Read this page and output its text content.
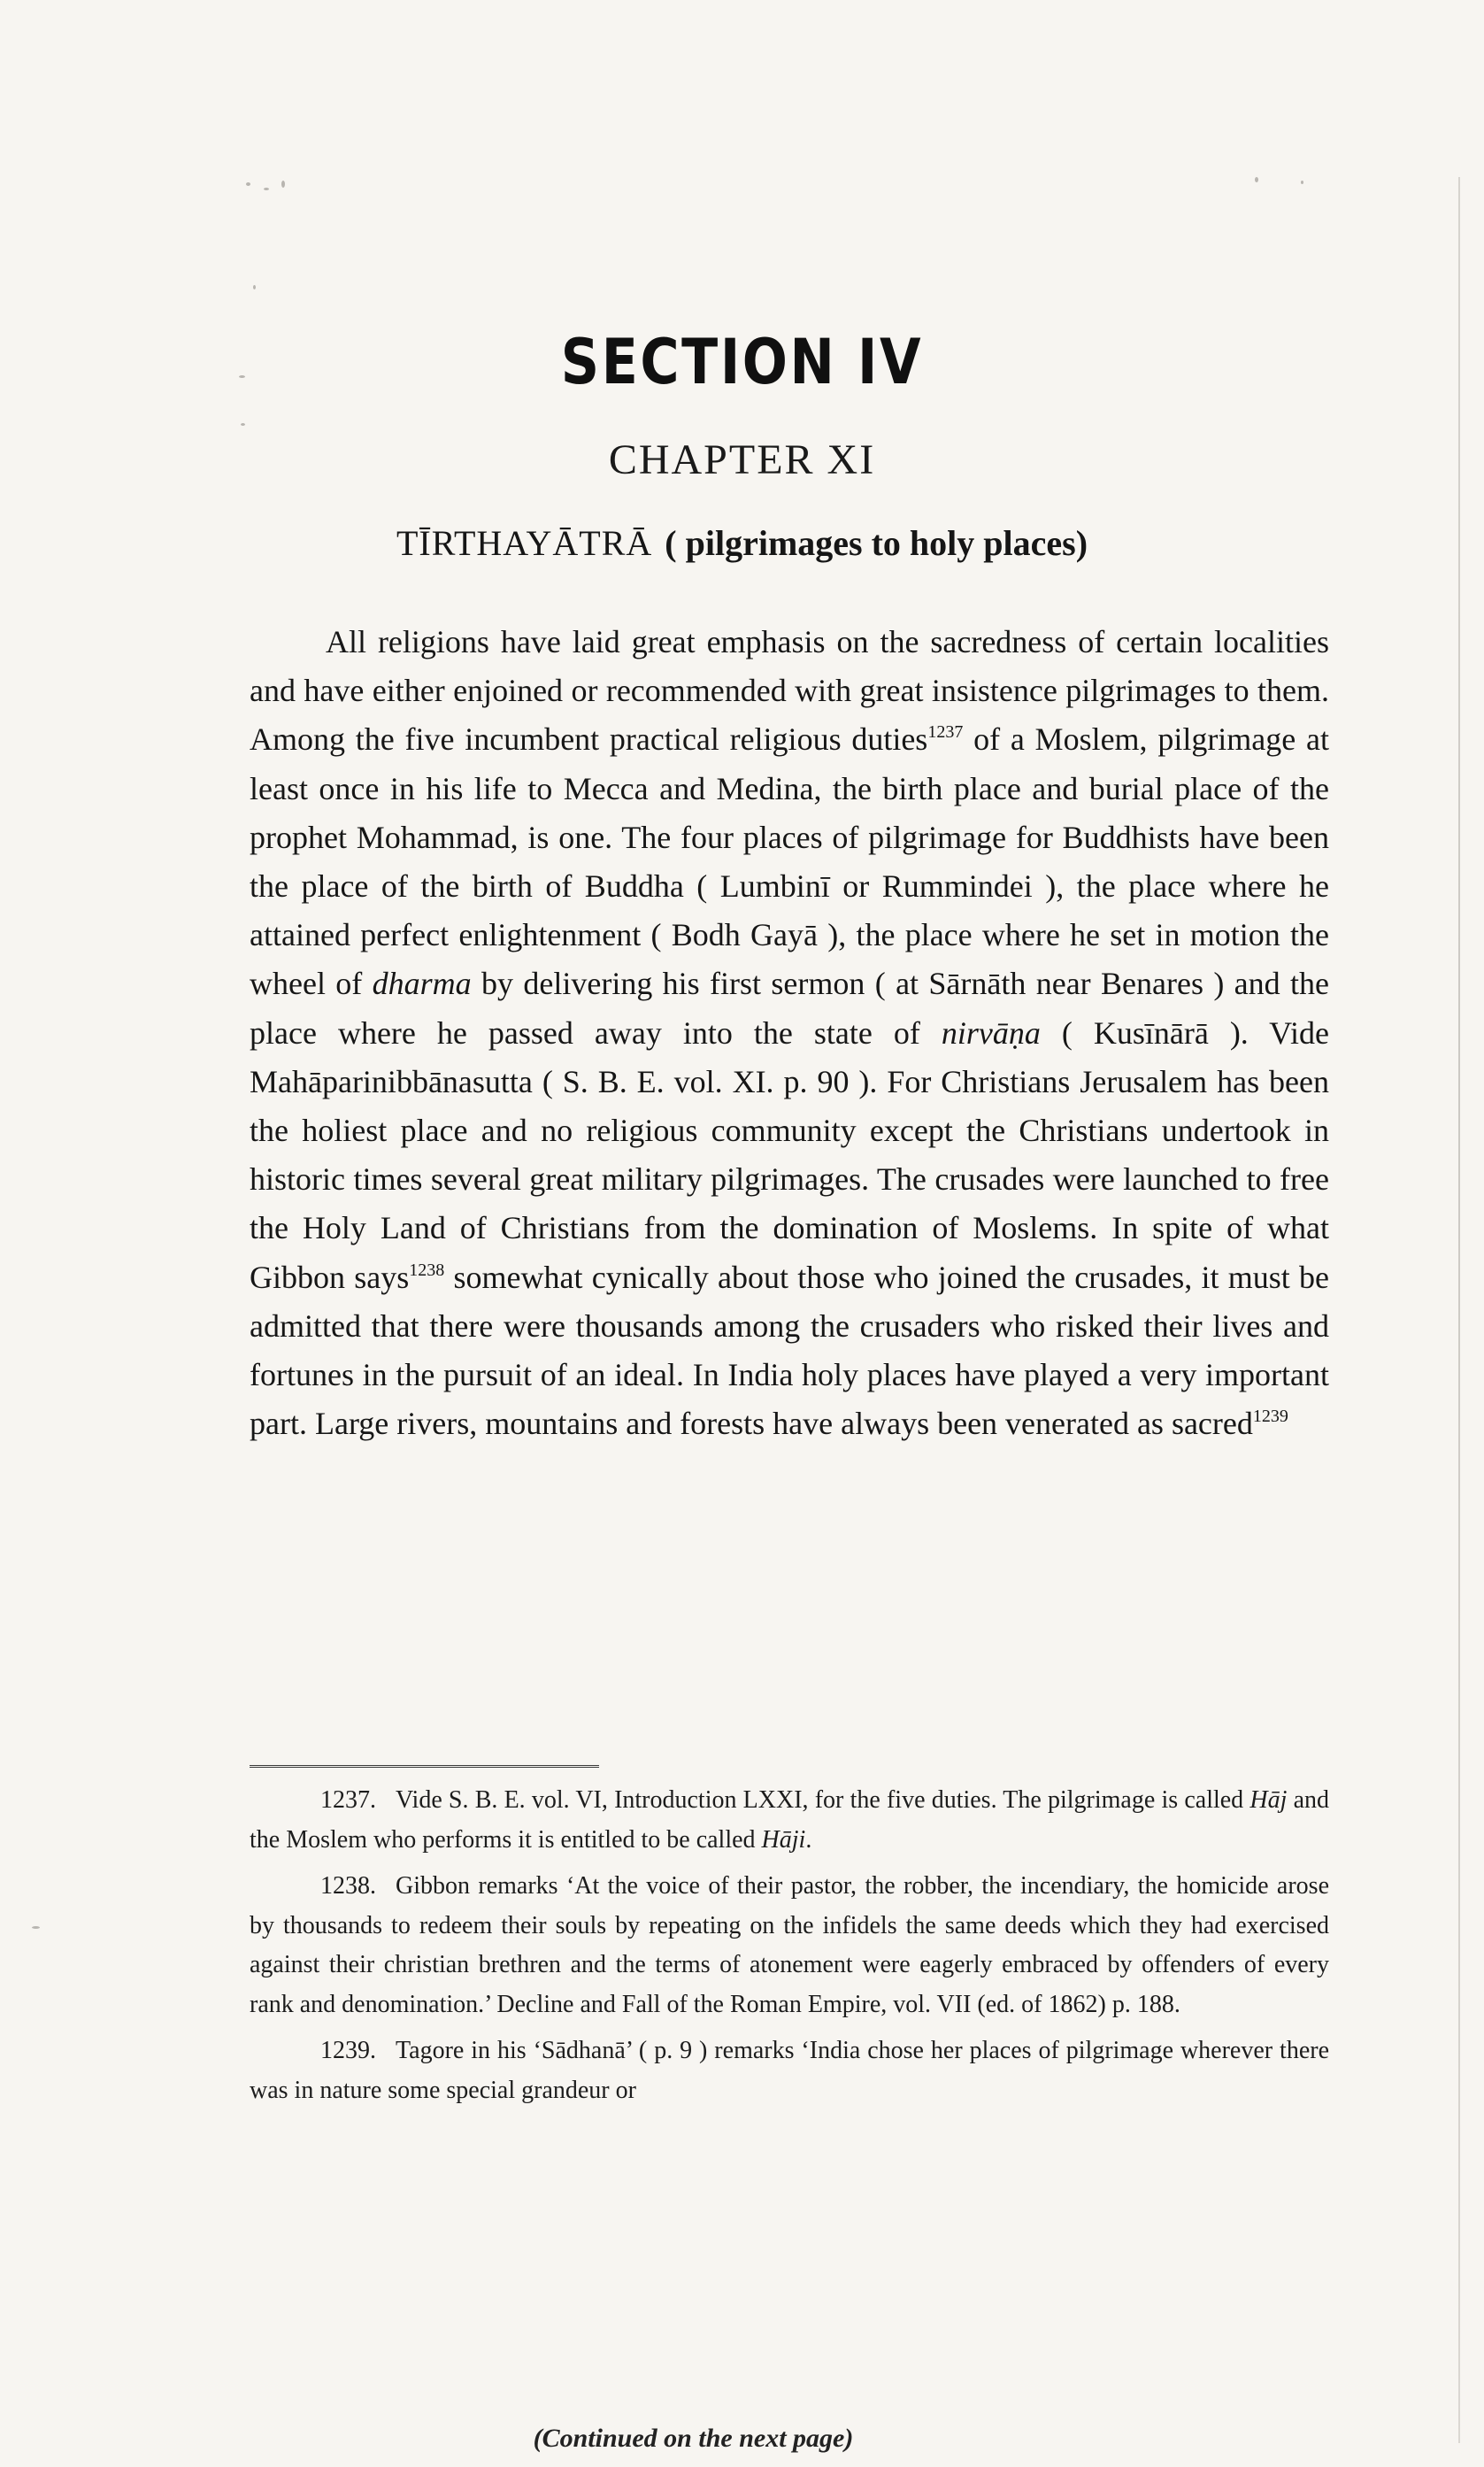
SECTION IV
CHAPTER XI
TĪRTHAYĀTRĀ ( pilgrimages to holy places)

All religions have laid great emphasis on the sacredness of certain localities and have either enjoined or recommended with great insistence pilgrimages to them. Among the five incumbent practical religious duties$^{1237}$ of a Moslem, pilgrimage at least once in his life to Mecca and Medina, the birth place and burial place of the prophet Mohammad, is one. The four places of pilgrimage for Buddhists have been the place of the birth of Buddha ( Lumbinī or Rummindei ), the place where he attained perfect enlightenment ( Bodh Gayā ), the place where he set in motion the wheel of dharma by delivering his first sermon ( at Sārnāth near Benares ) and the place where he passed away into the state of nirvāṇa ( Kusīnārā ). Vide Mahāparinibbānasutta ( S. B. E. vol. XI. p. 90 ). For Christians Jerusalem has been the holiest place and no religious community except the Christians undertook in historic times several great military pilgrimages. The crusades were launched to free the Holy Land of Christians from the domination of Moslems. In spite of what Gibbon says$^{1238}$ somewhat cynically about those who joined the crusades, it must be admitted that there were thousands among the crusaders who risked their lives and fortunes in the pursuit of an ideal. In India holy places have played a very important part. Large rivers, mountains and forests have always been venerated as sacred$^{1239}$

1237. Vide S. B. E. vol. VI, Introduction LXXI, for the five duties. The pilgrimage is called Hāj and the Moslem who performs it is entitled to be called Hāji.

1238. Gibbon remarks ‘At the voice of their pastor, the robber, the incendiary, the homicide arose by thousands to redeem their souls by repeating on the infidels the same deeds which they had exercised against their christian brethren and the terms of atonement were eagerly embraced by offenders of every rank and denomination.’ Decline and Fall of the Roman Empire, vol. VII (ed. of 1862) p. 188.

1239. Tagore in his ‘Sādhanā’ ( p. 9 ) remarks ‘India chose her places of pilgrimage wherever there was in nature some special grandeur or

(Continued on the next page)
